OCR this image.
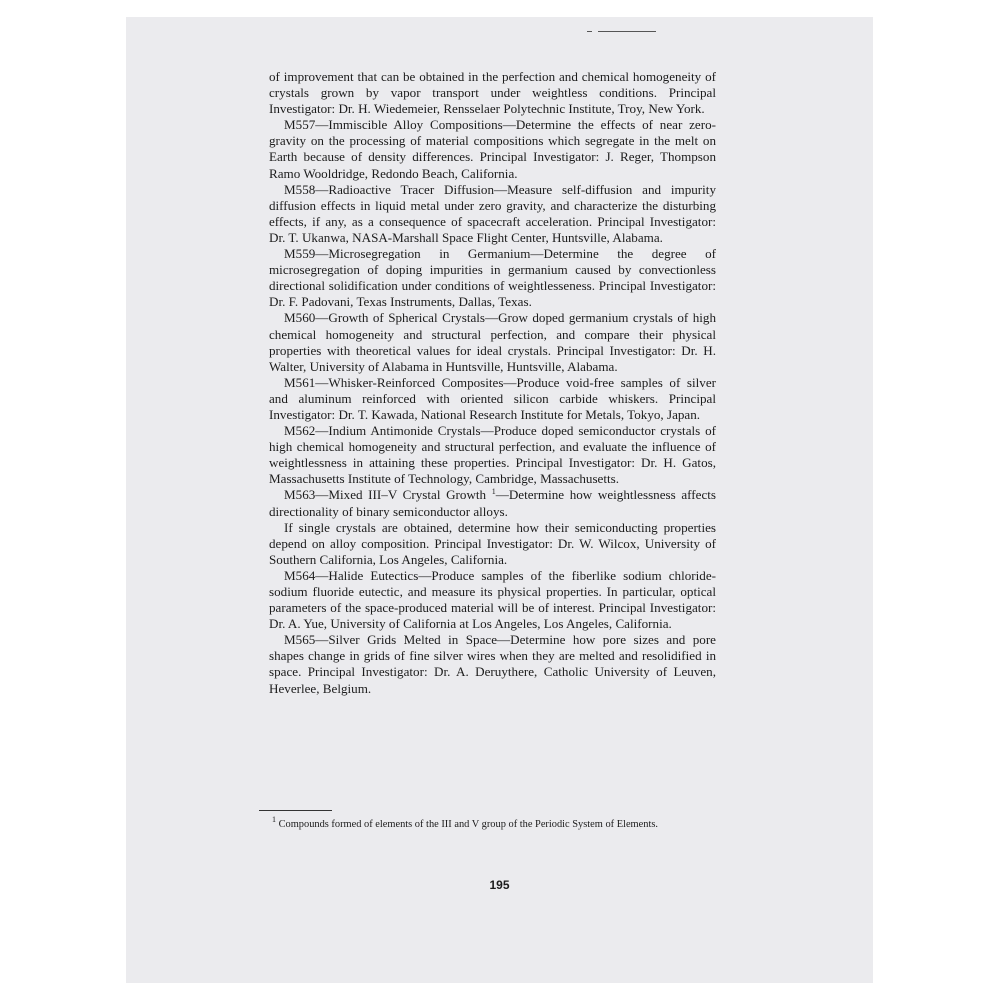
of improvement that can be obtained in the perfection and chemical homogeneity of crystals grown by vapor transport under weightless conditions. Principal Investigator: Dr. H. Wiedemeier, Rensselaer Polytechnic Institute, Troy, New York.

M557—Immiscible Alloy Compositions—Determine the effects of near zero-gravity on the processing of material compositions which segregate in the melt on Earth because of density differences. Principal Investigator: J. Reger, Thompson Ramo Wooldridge, Redondo Beach, California.

M558—Radioactive Tracer Diffusion—Measure self-diffusion and impurity diffusion effects in liquid metal under zero gravity, and characterize the disturbing effects, if any, as a consequence of spacecraft acceleration. Principal Investigator: Dr. T. Ukanwa, NASA-Marshall Space Flight Center, Huntsville, Alabama.

M559—Microsegregation in Germanium—Determine the degree of microsegregation of doping impurities in germanium caused by convectionless directional solidification under conditions of weightlesseness. Principal Investigator: Dr. F. Padovani, Texas Instruments, Dallas, Texas.

M560—Growth of Spherical Crystals—Grow doped germanium crystals of high chemical homogeneity and structural perfection, and compare their physical properties with theoretical values for ideal crystals. Principal Investigator: Dr. H. Walter, University of Alabama in Huntsville, Huntsville, Alabama.

M561—Whisker-Reinforced Composites—Produce void-free samples of silver and aluminum reinforced with oriented silicon carbide whiskers. Principal Investigator: Dr. T. Kawada, National Research Institute for Metals, Tokyo, Japan.

M562—Indium Antimonide Crystals—Produce doped semiconductor crystals of high chemical homogeneity and structural perfection, and evaluate the influence of weightlessness in attaining these properties. Principal Investigator: Dr. H. Gatos, Massachusetts Institute of Technology, Cambridge, Massachusetts.

M563—Mixed III–V Crystal Growth $^1$—Determine how weightlessness affects directionality of binary semiconductor alloys.

If single crystals are obtained, determine how their semiconducting properties depend on alloy composition. Principal Investigator: Dr. W. Wilcox, University of Southern California, Los Angeles, California.

M564—Halide Eutectics—Produce samples of the fiberlike sodium chloride-sodium fluoride eutectic, and measure its physical properties. In particular, optical parameters of the space-produced material will be of interest. Principal Investigator: Dr. A. Yue, University of California at Los Angeles, Los Angeles, California.

M565—Silver Grids Melted in Space—Determine how pore sizes and pore shapes change in grids of fine silver wires when they are melted and resolidified in space. Principal Investigator: Dr. A. Deruythere, Catholic University of Leuven, Heverlee, Belgium.

$^1$ Compounds formed of elements of the III and V group of the Periodic System of Elements.

195
